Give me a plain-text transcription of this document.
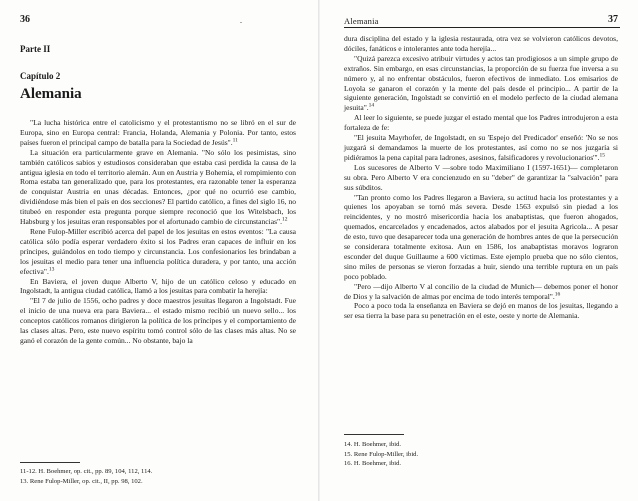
36	.
Parte II
Capítulo 2
Alemania

"La lucha histórica entre el catolicismo y el protestantismo no se libró en el sur de Europa, sino en Europa central: Francia, Holanda, Alemania y Polonia. Por tanto, estos países fueron el principal campo de batalla para la Sociedad de Jesús".$^{11}$

La situación era particularmente grave en Alemania. "No sólo los pesimistas, sino también católicos sabios y estudiosos consideraban que estaba casi perdida la causa de la antigua iglesia en todo el territorio alemán. Aun en Austria y Bohemia, el rompimiento con Roma estaba tan generalizado que, para los protestantes, era razonable tener la esperanza de conquistar Austria en unas décadas. Entonces, ¿por qué no ocurrió ese cambio, dividiéndose más bien el país en dos secciones? El partido católico, a fines del siglo 16, no titubeó en responder esta pregunta porque siempre reconoció que los Witelsbach, los Habsburg y los jesuitas eran responsables por el afortunado cambio de circunstancias".$^{12}$

Rene Fulop-Miller escribió acerca del papel de los jesuitas en estos eventos: "La causa católica sólo podía esperar verdadero éxito si los Padres eran capaces de influir en los príncipes, guiándolos en todo tiempo y circunstancia. Los confesionarios les brindaban a los jesuitas el medio para tener una influencia política duradera, y por tanto, una acción efectiva".$^{13}$

En Baviera, el joven duque Alberto V, hijo de un católico celoso y educado en Ingolstadt, la antigua ciudad católica, llamó a los jesuitas para combatir la herejía:

"El 7 de julio de 1556, ocho padres y doce maestros jesuitas llegaron a Ingolstadt. Fue el inicio de una nueva era para Baviera... el estado mismo recibió un nuevo sello... los conceptos católicos romanos dirigieron la política de los príncipes y el comportamiento de las clases altas. Pero, este nuevo espíritu tomó control sólo de las clases más altas. No se ganó el corazón de la gente común... No obstante, bajo la

11-12. H. Boehmer, op. cit., pp. 89, 104, 112, 114.
13. Rene Fulop-Miller, op. cit., II, pp. 98, 102.
Alemania	37

dura disciplina del estado y la iglesia restaurada, otra vez se volvieron católicos devotos, dóciles, fanáticos e intolerantes ante toda herejía...

"Quizá parezca excesivo atribuir virtudes y actos tan prodigiosos a un simple grupo de extraños. Sin embargo, en esas circunstancias, la proporción de su fuerza fue inversa a su número y, al no enfrentar obstáculos, fueron efectivos de inmediato. Los emisarios de Loyola se ganaron el corazón y la mente del país desde el principio... A partir de la siguiente generación, Ingolstadt se convirtió en el modelo perfecto de la ciudad alemana jesuita".$^{14}$

Al leer lo siguiente, se puede juzgar el estado mental que los Padres introdujeron a esta fortaleza de fe:

"El jesuita Mayrhofer, de Ingolstadt, en su 'Espejo del Predicador' enseñó: 'No se nos juzgará si demandamos la muerte de los protestantes, así como no se nos juzgaría si pidiéramos la pena capital para ladrones, asesinos, falsificadores y revolucionarios'".$^{15}$

Los sucesores de Alberto V —sobre todo Maximiliano I (1597-1651)— completaron su obra. Pero Alberto V era concienzudo en su "deber" de garantizar la "salvación" para sus súbditos.

"Tan pronto como los Padres llegaron a Baviera, su actitud hacia los protestantes y a quienes los apoyaban se tornó más severa. Desde 1563 expulsó sin piedad a los reincidentes, y no mostró misericordia hacia los anabaptistas, que fueron ahogados, quemados, encarcelados y encadenados, actos alabados por el jesuita Agricola... A pesar de esto, tuvo que desaparecer toda una generación de hombres antes de que la persecución se considerara totalmente exitosa. Aun en 1586, los anabaptistas moravos lograron esconder del duque Guillaume a 600 víctimas. Este ejemplo prueba que no sólo cientos, sino miles de personas se vieron forzadas a huir, siendo una terrible ruptura en un país poco poblado.

"Pero —dijo Alberto V al concilio de la ciudad de Munich— debemos poner el honor de Dios y la salvación de almas por encima de todo interés temporal".$^{16}$

Poco a poco toda la enseñanza en Baviera se dejó en manos de los jesuitas, llegando a ser esa tierra la base para su penetración en el este, oeste y norte de Alemania.

14. H. Boehmer, ibid.
15. Rene Fulop-Miller, ibid.
16. H. Boehmer, ibid.
